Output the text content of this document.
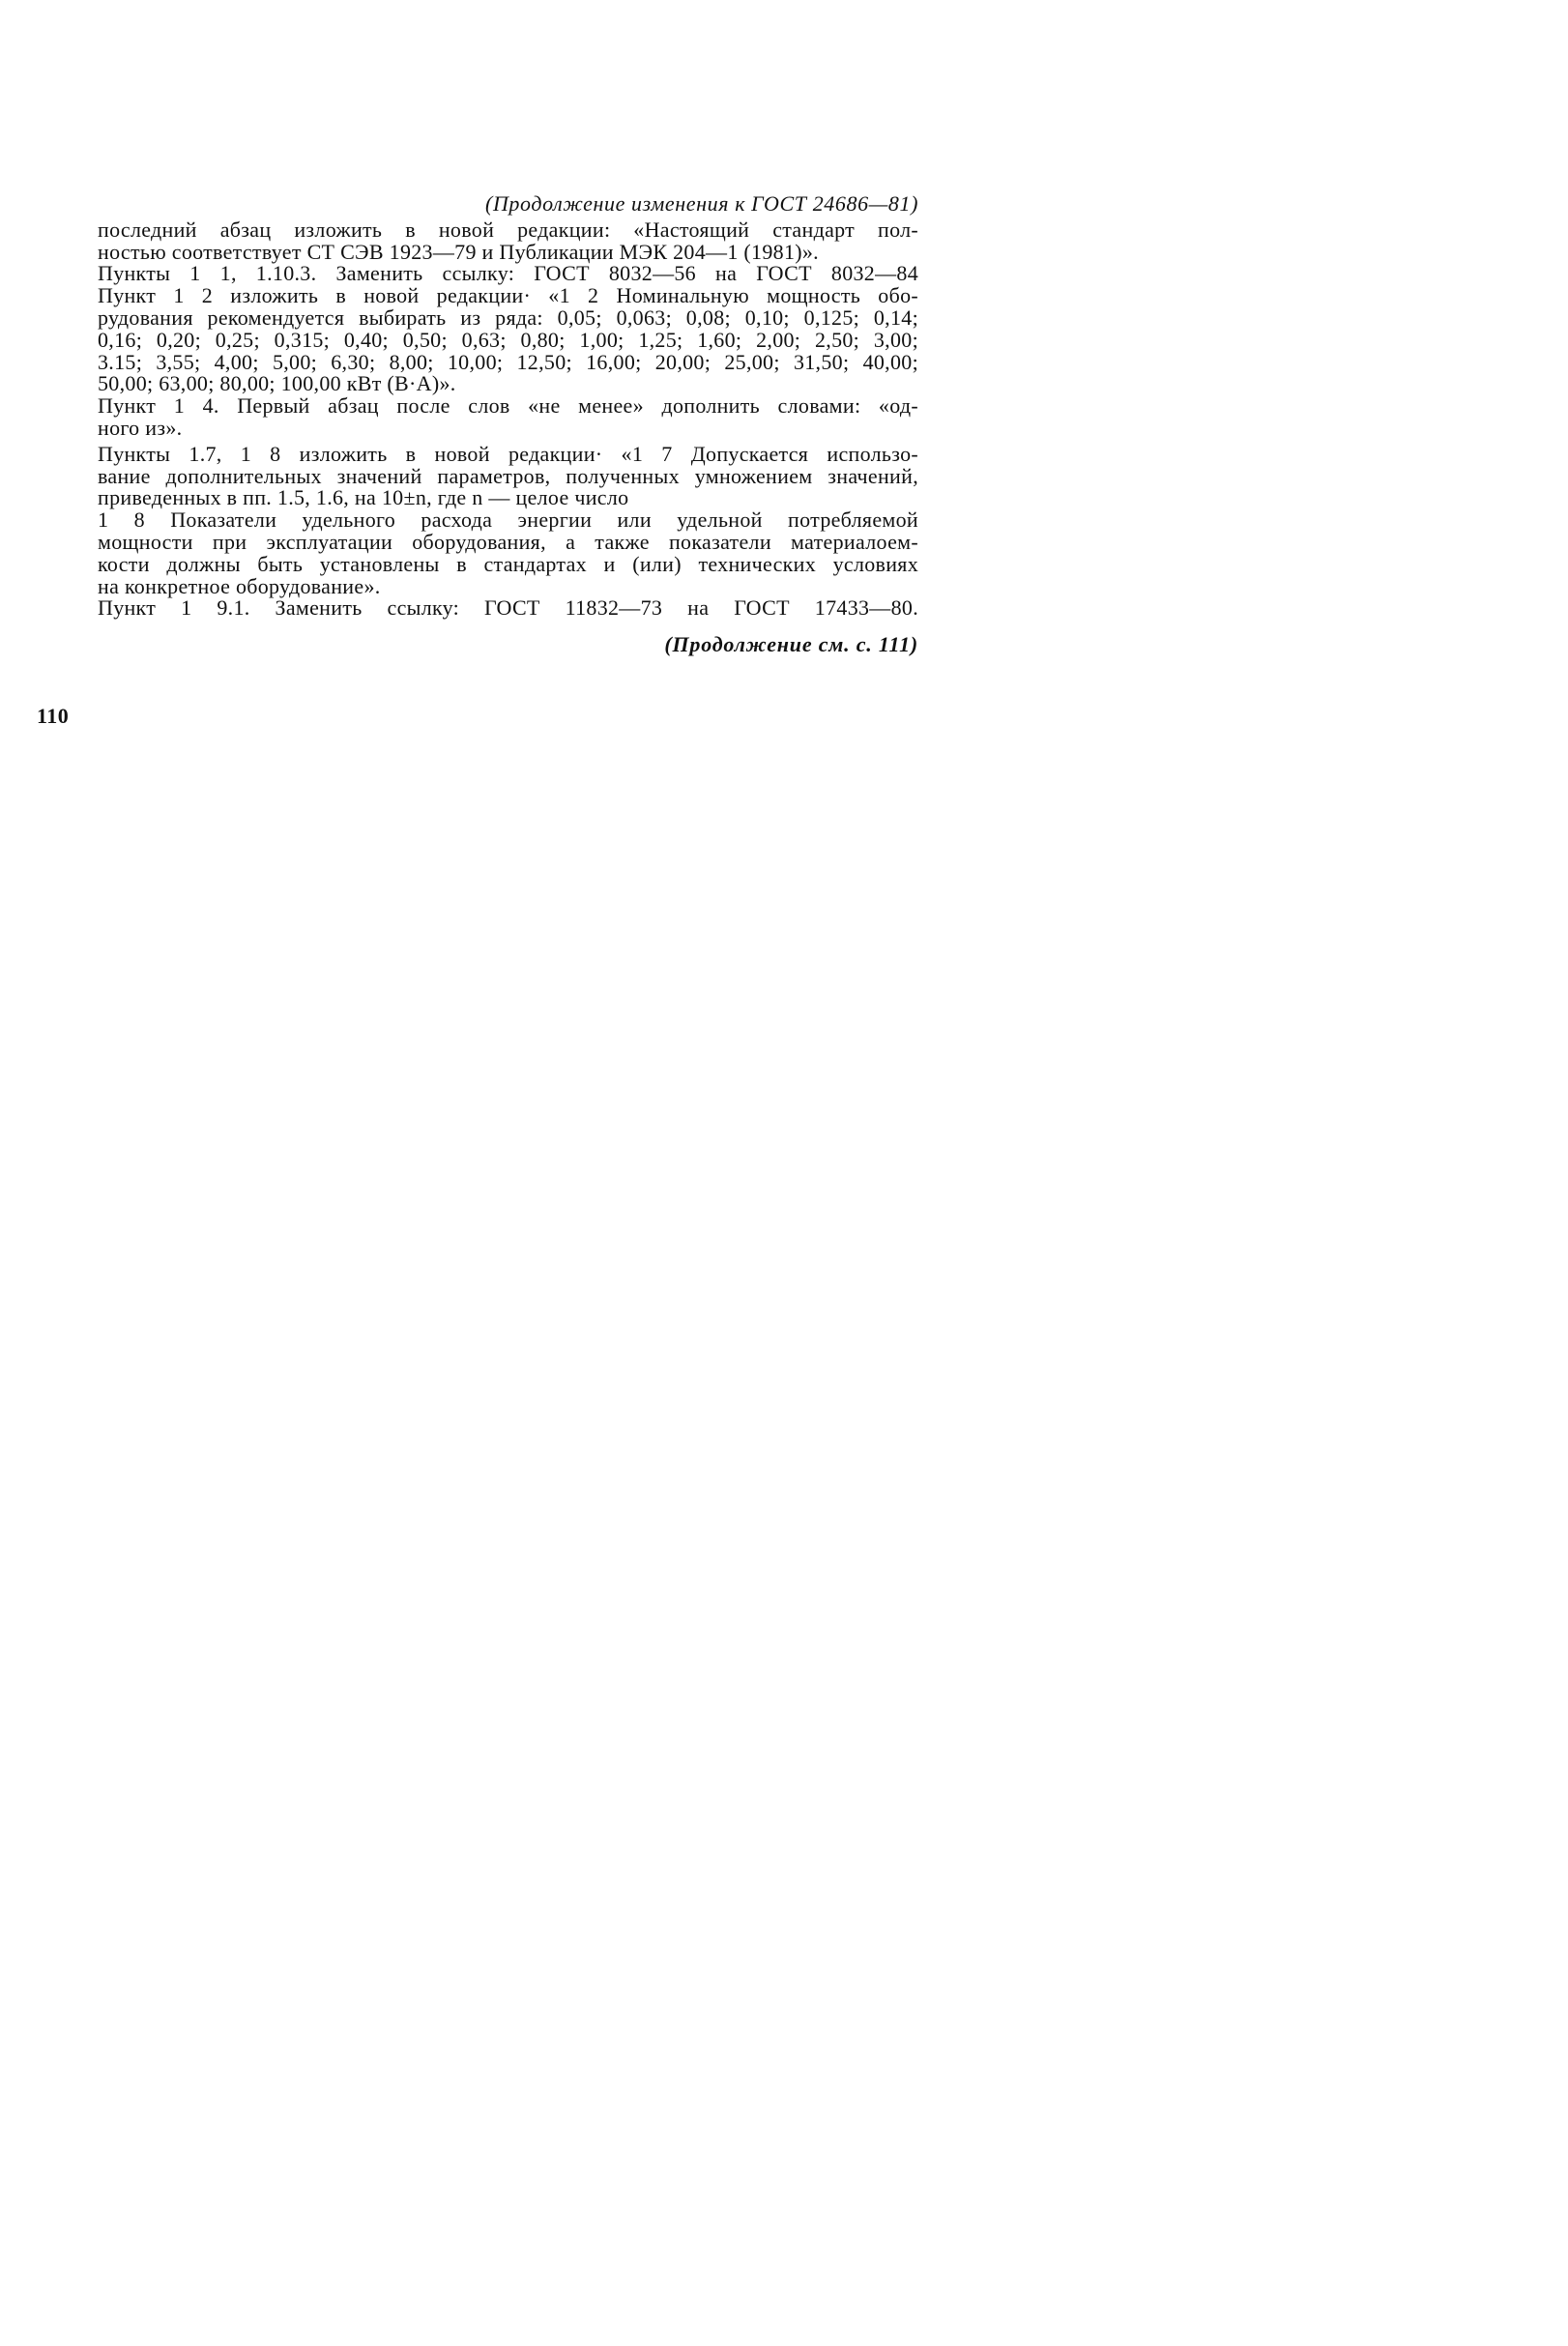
(Продолжение изменения к ГОСТ 24686—81)
последний абзац изложить в новой редакции: «Настоящий стандарт пол-
ностью соответствует СТ СЭВ 1923—79 и Публикации МЭК 204—1 (1981)».
Пункты 1 1, 1.10.3. Заменить ссылку: ГОСТ 8032—56 на ГОСТ 8032—84
Пункт 1 2 изложить в новой редакции· «1 2 Номинальную мощность обо-
рудования рекомендуется выбирать из ряда: 0,05; 0,063; 0,08; 0,10; 0,125; 0,14;
0,16; 0,20; 0,25; 0,315; 0,40; 0,50; 0,63; 0,80; 1,00; 1,25; 1,60; 2,00; 2,50; 3,00;
3.15; 3,55; 4,00; 5,00; 6,30; 8,00; 10,00; 12,50; 16,00; 20,00; 25,00; 31,50; 40,00;
50,00; 63,00; 80,00; 100,00 кВт (В·А)».
Пункт 1 4. Первый абзац после слов «не менее» дополнить словами: «од-
ного из».
Пункты 1.7, 1 8 изложить в новой редакции· «1 7 Допускается использо-
вание дополнительных значений параметров, полученных умножением значений,
приведенных в пп. 1.5, 1.6, на 10±n, где n — целое число
1 8 Показатели удельного расхода энергии или удельной потребляемой
мощности при эксплуатации оборудования, а также показатели материалоем-
кости должны быть установлены в стандартах и (или) технических условиях
на конкретное оборудование».
Пункт 1 9.1. Заменить ссылку: ГОСТ 11832—73 на ГОСТ 17433—80.
(Продолжение см. с. 111)
110
